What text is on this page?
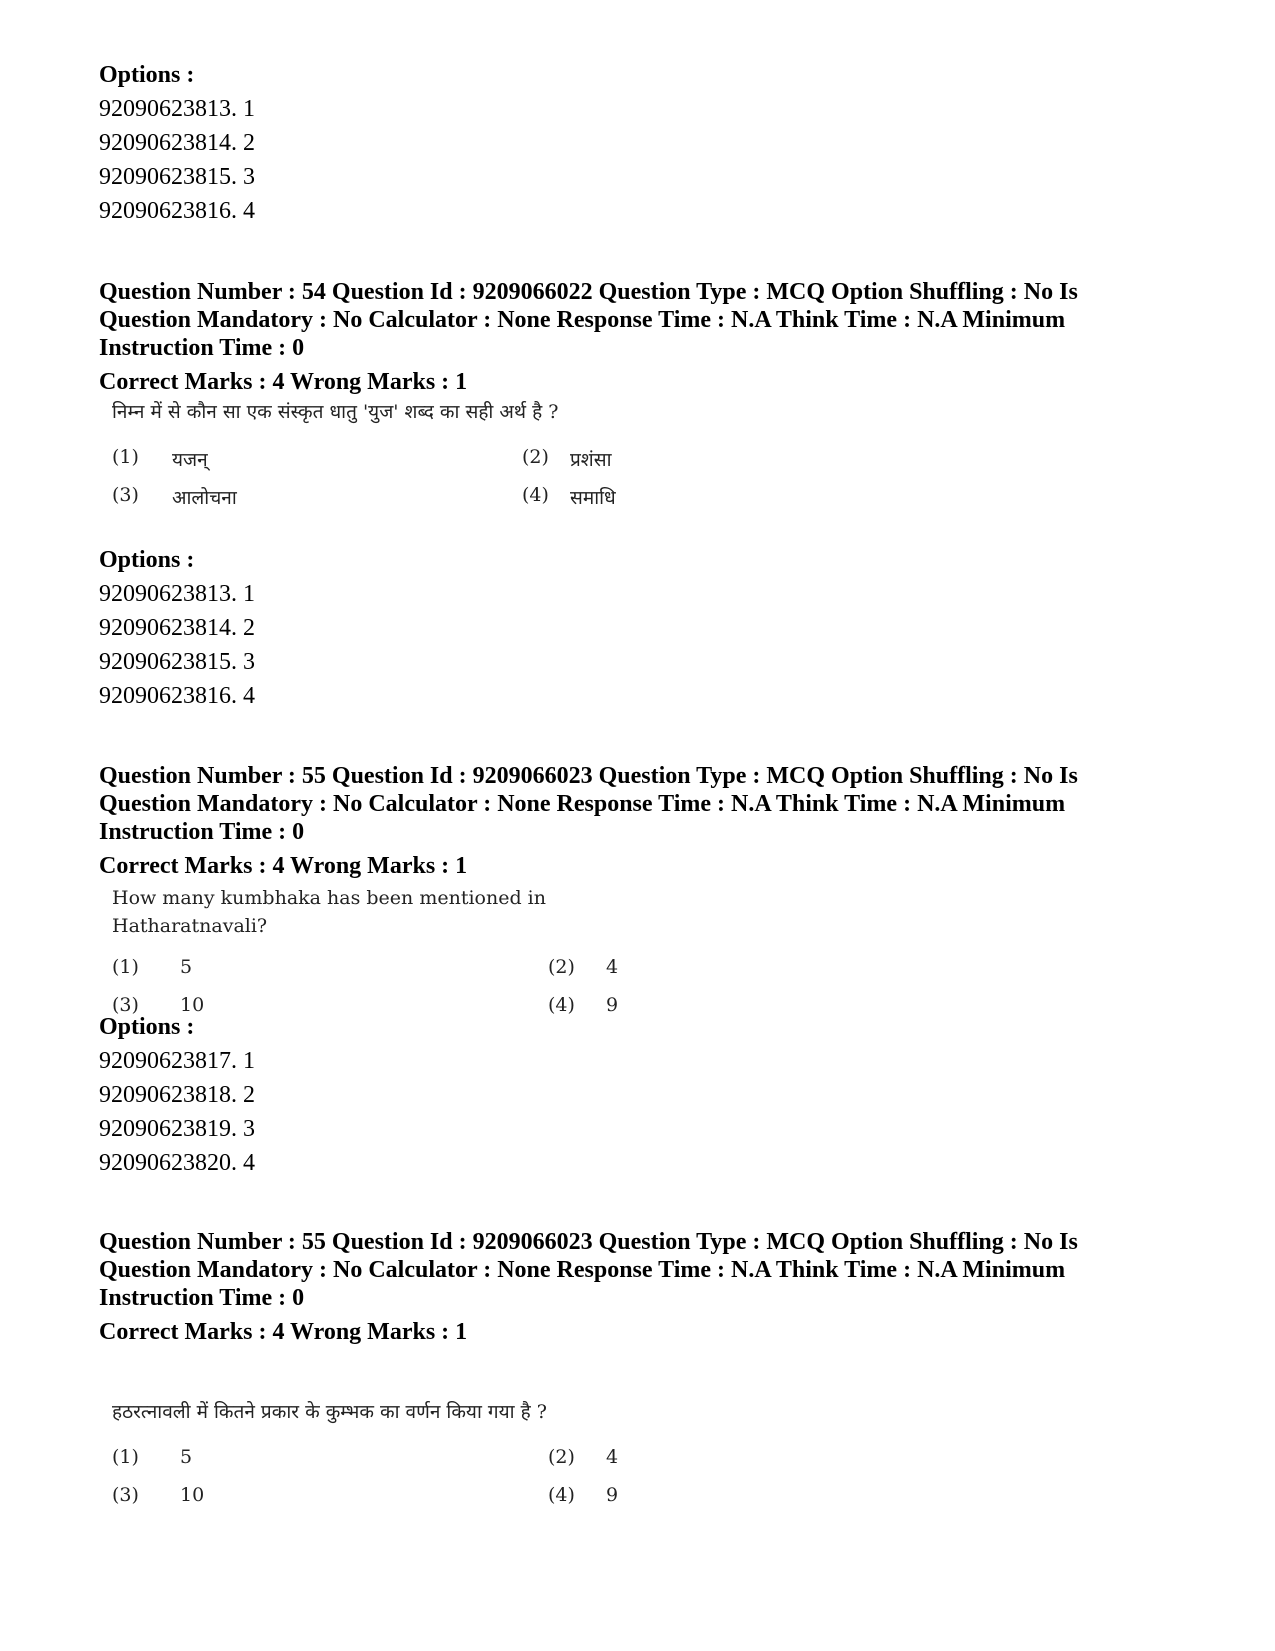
Options :
92090623813. 1
92090623814. 2
92090623815. 3
92090623816. 4
Question Number : 54 Question Id : 9209066022 Question Type : MCQ Option Shuffling : No Is Question Mandatory : No Calculator : None Response Time : N.A Think Time : N.A Minimum Instruction Time : 0
Correct Marks : 4 Wrong Marks : 1
निम्न में से कौन सा एक संस्कृत धातु 'युज' शब्द का सही अर्थ है ?
(1) यजन्	(2) प्रशंसा
(3) आलोचना	(4) समाधि
Options :
92090623813. 1
92090623814. 2
92090623815. 3
92090623816. 4
Question Number : 55 Question Id : 9209066023 Question Type : MCQ Option Shuffling : No Is Question Mandatory : No Calculator : None Response Time : N.A Think Time : N.A Minimum Instruction Time : 0
Correct Marks : 4 Wrong Marks : 1
How many kumbhaka has been mentioned in Hatharatnavali?
(1) 5	(2) 4
(3) 10	(4) 9
Options :
92090623817. 1
92090623818. 2
92090623819. 3
92090623820. 4
Question Number : 55 Question Id : 9209066023 Question Type : MCQ Option Shuffling : No Is Question Mandatory : No Calculator : None Response Time : N.A Think Time : N.A Minimum Instruction Time : 0
Correct Marks : 4 Wrong Marks : 1
हठरत्नावली में कितने प्रकार के कुम्भक का वर्णन किया गया है ?
(1) 5	(2) 4
(3) 10	(4) 9
